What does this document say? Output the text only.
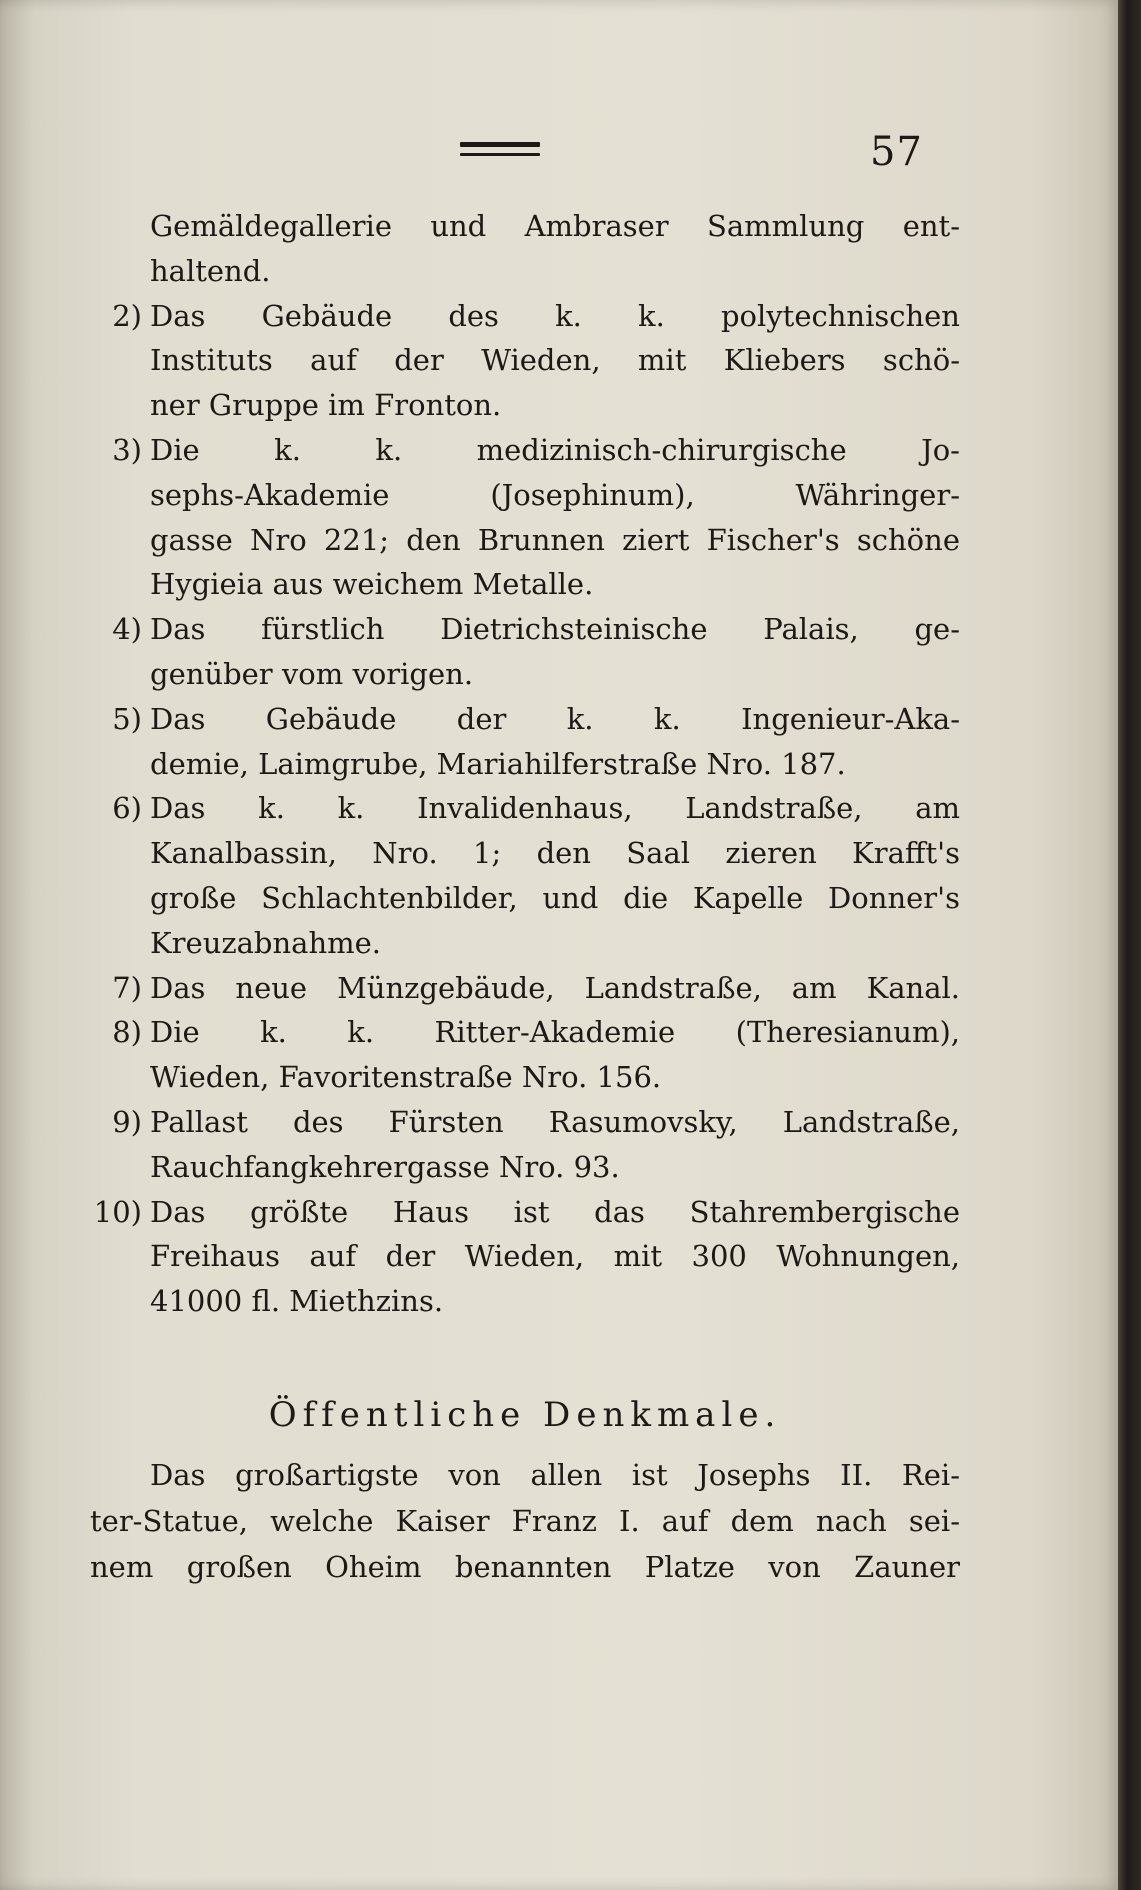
57
Gemäldegallerie und Ambraser Sammlung ent-
haltend.
2) Das Gebäude des k. k. polytechnischen
Instituts auf der Wieden, mit Kliebers schö-
ner Gruppe im Fronton.
3) Die k. k. medizinisch-chirurgische Jo-
sephs-Akademie (Josephinum), Währinger-
gasse Nro 221; den Brunnen ziert Fischer's schöne
Hygieia aus weichem Metalle.
4) Das fürstlich Dietrichsteinische Palais, ge-
genüber vom vorigen.
5) Das Gebäude der k. k. Ingenieur-Aka-
demie, Laimgrube, Mariahilferstraße Nro. 187.
6) Das k. k. Invalidenhaus, Landstraße, am
Kanalbassin, Nro. 1; den Saal zieren Krafft's
große Schlachtenbilder, und die Kapelle Donner's
Kreuzabnahme.
7) Das neue Münzgebäude, Landstraße, am Kanal.
8) Die k. k. Ritter-Akademie (Theresianum),
Wieden, Favoritenstraße Nro. 156.
9) Pallast des Fürsten Rasumovsky, Landstraße,
Rauchfangkehrergasse Nro. 93.
10) Das größte Haus ist das Stahrembergische
Freihaus auf der Wieden, mit 300 Wohnungen,
41000 fl. Miethzins.
Öffentliche Denkmale.
Das großartigste von allen ist Josephs II. Rei-
ter-Statue, welche Kaiser Franz I. auf dem nach sei-
nem großen Oheim benannten Platze von Zauner
